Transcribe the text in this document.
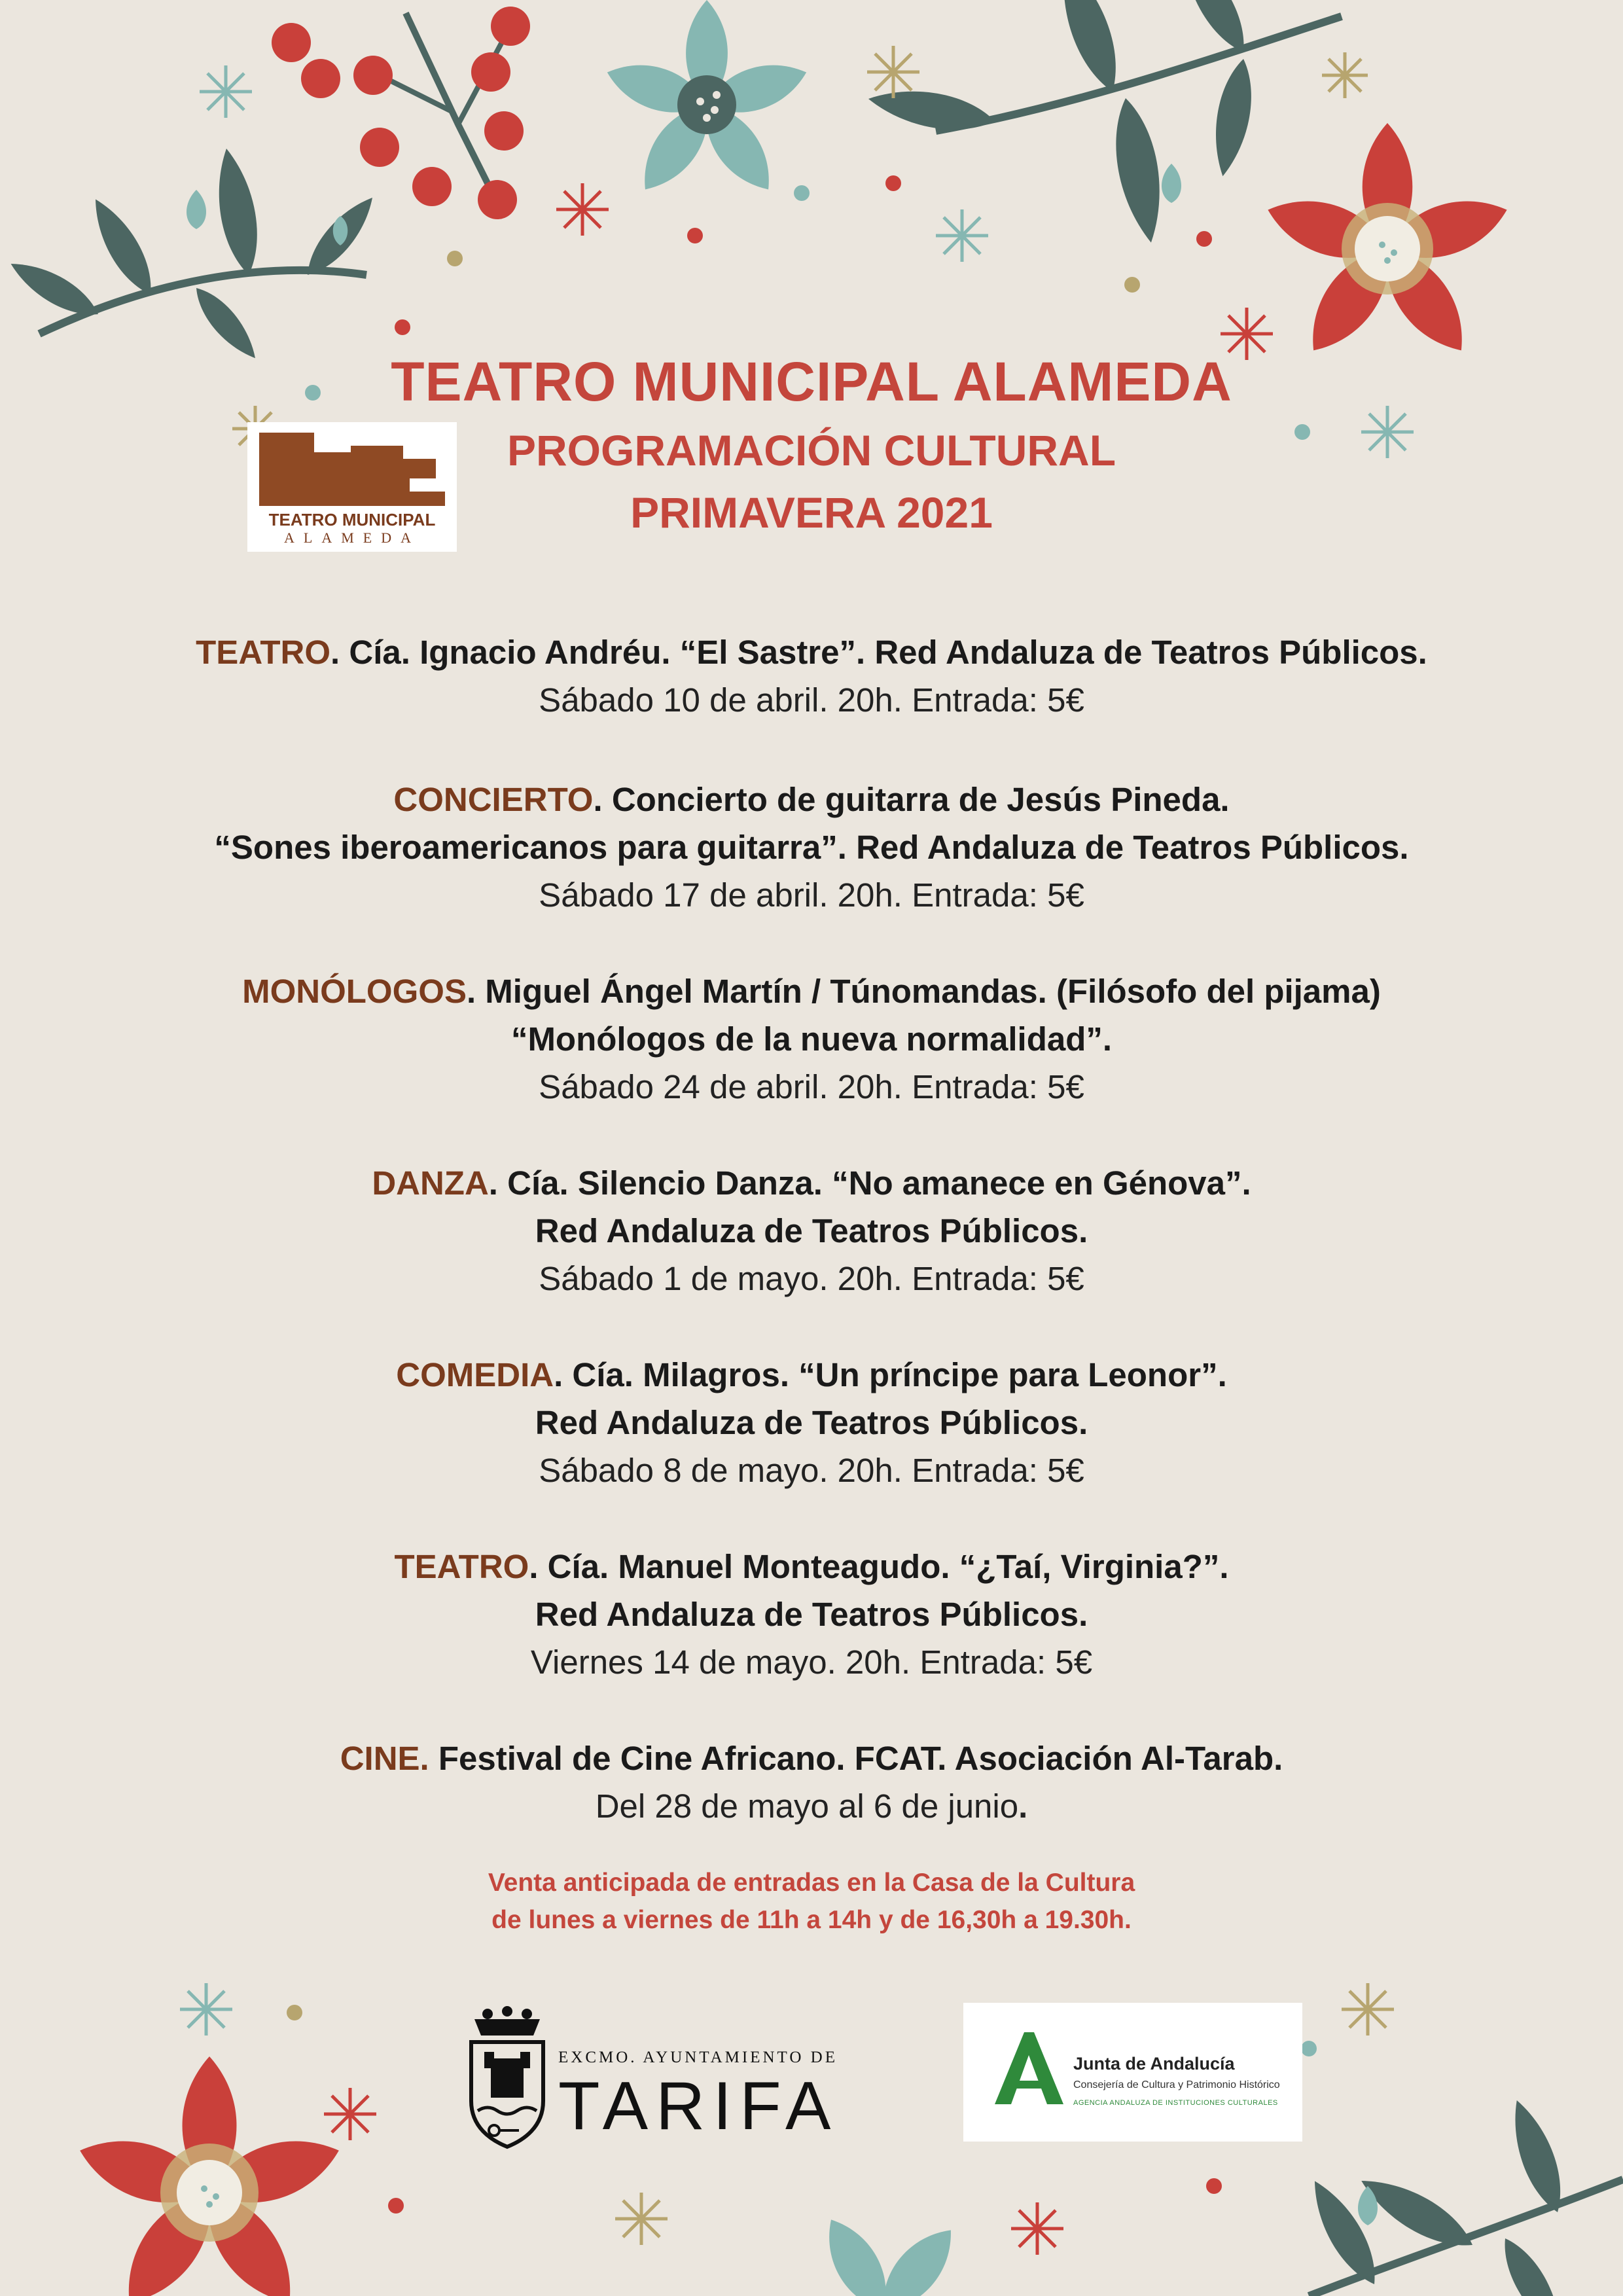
TEATRO MUNICIPAL ALAMEDA
PROGRAMACIÓN CULTURAL
PRIMAVERA 2021
TEATRO MUNICIPAL
ALAMEDA
TEATRO. Cía. Ignacio Andréu. “El Sastre”. Red Andaluza de Teatros Públicos.
Sábado 10 de abril. 20h. Entrada: 5€
CONCIERTO. Concierto de guitarra de Jesús Pineda.
“Sones iberoamericanos para guitarra”. Red Andaluza de Teatros Públicos.
Sábado 17 de abril. 20h. Entrada: 5€
MONÓLOGOS. Miguel Ángel Martín / Túnomandas. (Filósofo del pijama)
“Monólogos de la nueva normalidad”.
Sábado 24 de abril. 20h. Entrada: 5€
DANZA. Cía. Silencio Danza. “No amanece en Génova”.
Red Andaluza de Teatros Públicos.
Sábado 1 de mayo. 20h. Entrada: 5€
COMEDIA. Cía. Milagros. “Un príncipe para Leonor”.
Red Andaluza de Teatros Públicos.
Sábado 8 de mayo. 20h. Entrada: 5€
TEATRO. Cía. Manuel Monteagudo. “¿Taí, Virginia?”.
Red Andaluza de Teatros Públicos.
Viernes 14 de mayo. 20h. Entrada: 5€
CINE. Festival de Cine Africano. FCAT. Asociación Al-Tarab.
Del 28 de mayo al 6 de junio.
Venta anticipada de entradas en la Casa de la Cultura
de lunes a viernes de 11h a 14h y de 16,30h a 19.30h.
EXCMO. AYUNTAMIENTO DE
TARIFA
Junta de Andalucía
Consejería de Cultura y Patrimonio Histórico
AGENCIA ANDALUZA DE INSTITUCIONES CULTURALES
